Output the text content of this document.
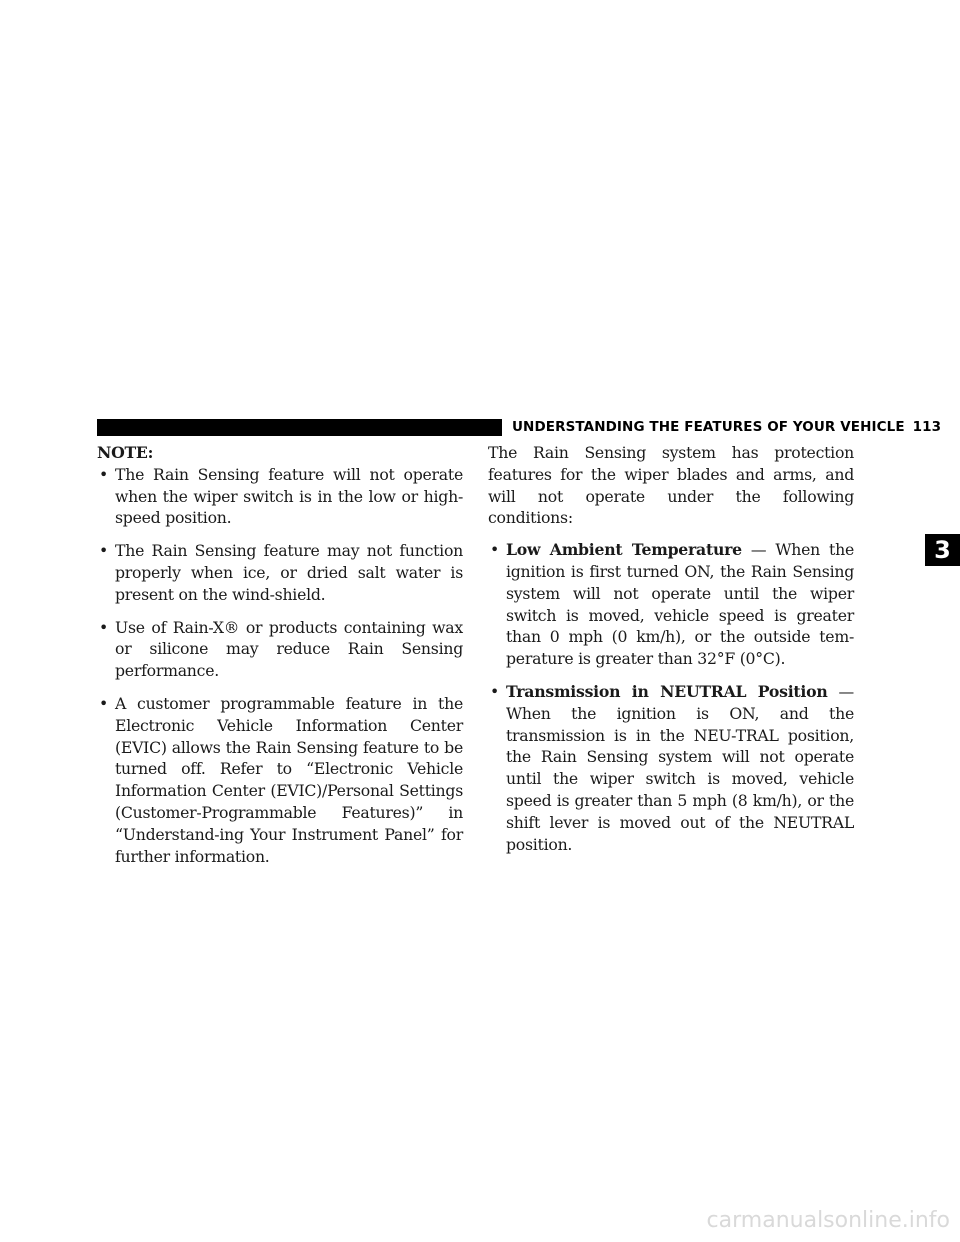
UNDERSTANDING THE FEATURES OF YOUR VEHICLE 113

NOTE:

• The Rain Sensing feature will not operate when the wiper switch is in the low or high-speed position.

• The Rain Sensing feature may not function properly when ice, or dried salt water is present on the wind-shield.

• Use of Rain-X® or products containing wax or silicone may reduce Rain Sensing performance.

• A customer programmable feature in the Electronic Vehicle Information Center (EVIC) allows the Rain Sensing feature to be turned off. Refer to “Electronic Vehicle Information Center (EVIC)/Personal Settings (Customer-Programmable Features)” in “Understand-ing Your Instrument Panel” for further information.

The Rain Sensing system has protection features for the wiper blades and arms, and will not operate under the following conditions:

• Low Ambient Temperature — When the ignition is first turned ON, the Rain Sensing system will not operate until the wiper switch is moved, vehicle speed is greater than 0 mph (0 km/h), or the outside tem-perature is greater than 32°F (0°C).

• Transmission in NEUTRAL Position — When the ignition is ON, and the transmission is in the NEU-TRAL position, the Rain Sensing system will not operate until the wiper switch is moved, vehicle speed is greater than 5 mph (8 km/h), or the shift lever is moved out of the NEUTRAL position.

3
carmanualsonline.info
